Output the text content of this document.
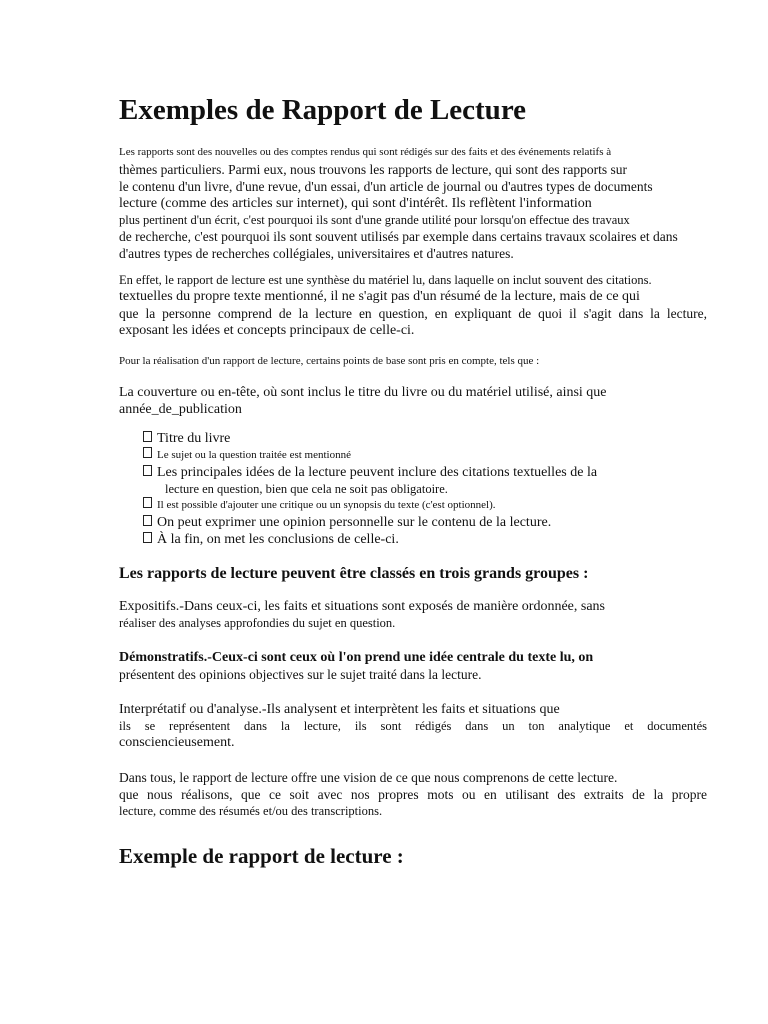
Exemples de Rapport de Lecture

Les rapports sont des nouvelles ou des comptes rendus qui sont rédigés sur des faits et des événements relatifs à
thèmes particuliers. Parmi eux, nous trouvons les rapports de lecture, qui sont des rapports sur
le contenu d'un livre, d'une revue, d'un essai, d'un article de journal ou d'autres types de documents
lecture (comme des articles sur internet), qui sont d'intérêt. Ils reflètent l'information
plus pertinent d'un écrit, c'est pourquoi ils sont d'une grande utilité pour lorsqu'on effectue des travaux
de recherche, c'est pourquoi ils sont souvent utilisés par exemple dans certains travaux scolaires et dans
d'autres types de recherches collégiales, universitaires et d'autres natures.

En effet, le rapport de lecture est une synthèse du matériel lu, dans laquelle on inclut souvent des citations.
textuelles du propre texte mentionné, il ne s'agit pas d'un résumé de la lecture, mais de ce qui
que la personne comprend de la lecture en question, en expliquant de quoi il s'agit dans la lecture,
exposant les idées et concepts principaux de celle-ci.

Pour la réalisation d'un rapport de lecture, certains points de base sont pris en compte, tels que :

La couverture ou en-tête, où sont inclus le titre du livre ou du matériel utilisé, ainsi que
année_de_publication

Titre du livre
Le sujet ou la question traitée est mentionné
Les principales idées de la lecture peuvent inclure des citations textuelles de la
lecture en question, bien que cela ne soit pas obligatoire.
Il est possible d'ajouter une critique ou un synopsis du texte (c'est optionnel).
On peut exprimer une opinion personnelle sur le contenu de la lecture.
À la fin, on met les conclusions de celle-ci.
Les rapports de lecture peuvent être classés en trois grands groupes :

Expositifs.-Dans ceux-ci, les faits et situations sont exposés de manière ordonnée, sans
réaliser des analyses approfondies du sujet en question.

Démonstratifs.-Ceux-ci sont ceux où l'on prend une idée centrale du texte lu, on
présentent des opinions objectives sur le sujet traité dans la lecture.

Interprétatif ou d'analyse.-Ils analysent et interprètent les faits et situations que
ils se représentent dans la lecture, ils sont rédigés dans un ton analytique et documentés
consciencieusement.

Dans tous, le rapport de lecture offre une vision de ce que nous comprenons de cette lecture.
que nous réalisons, que ce soit avec nos propres mots ou en utilisant des extraits de la propre
lecture, comme des résumés et/ou des transcriptions.

Exemple de rapport de lecture :
